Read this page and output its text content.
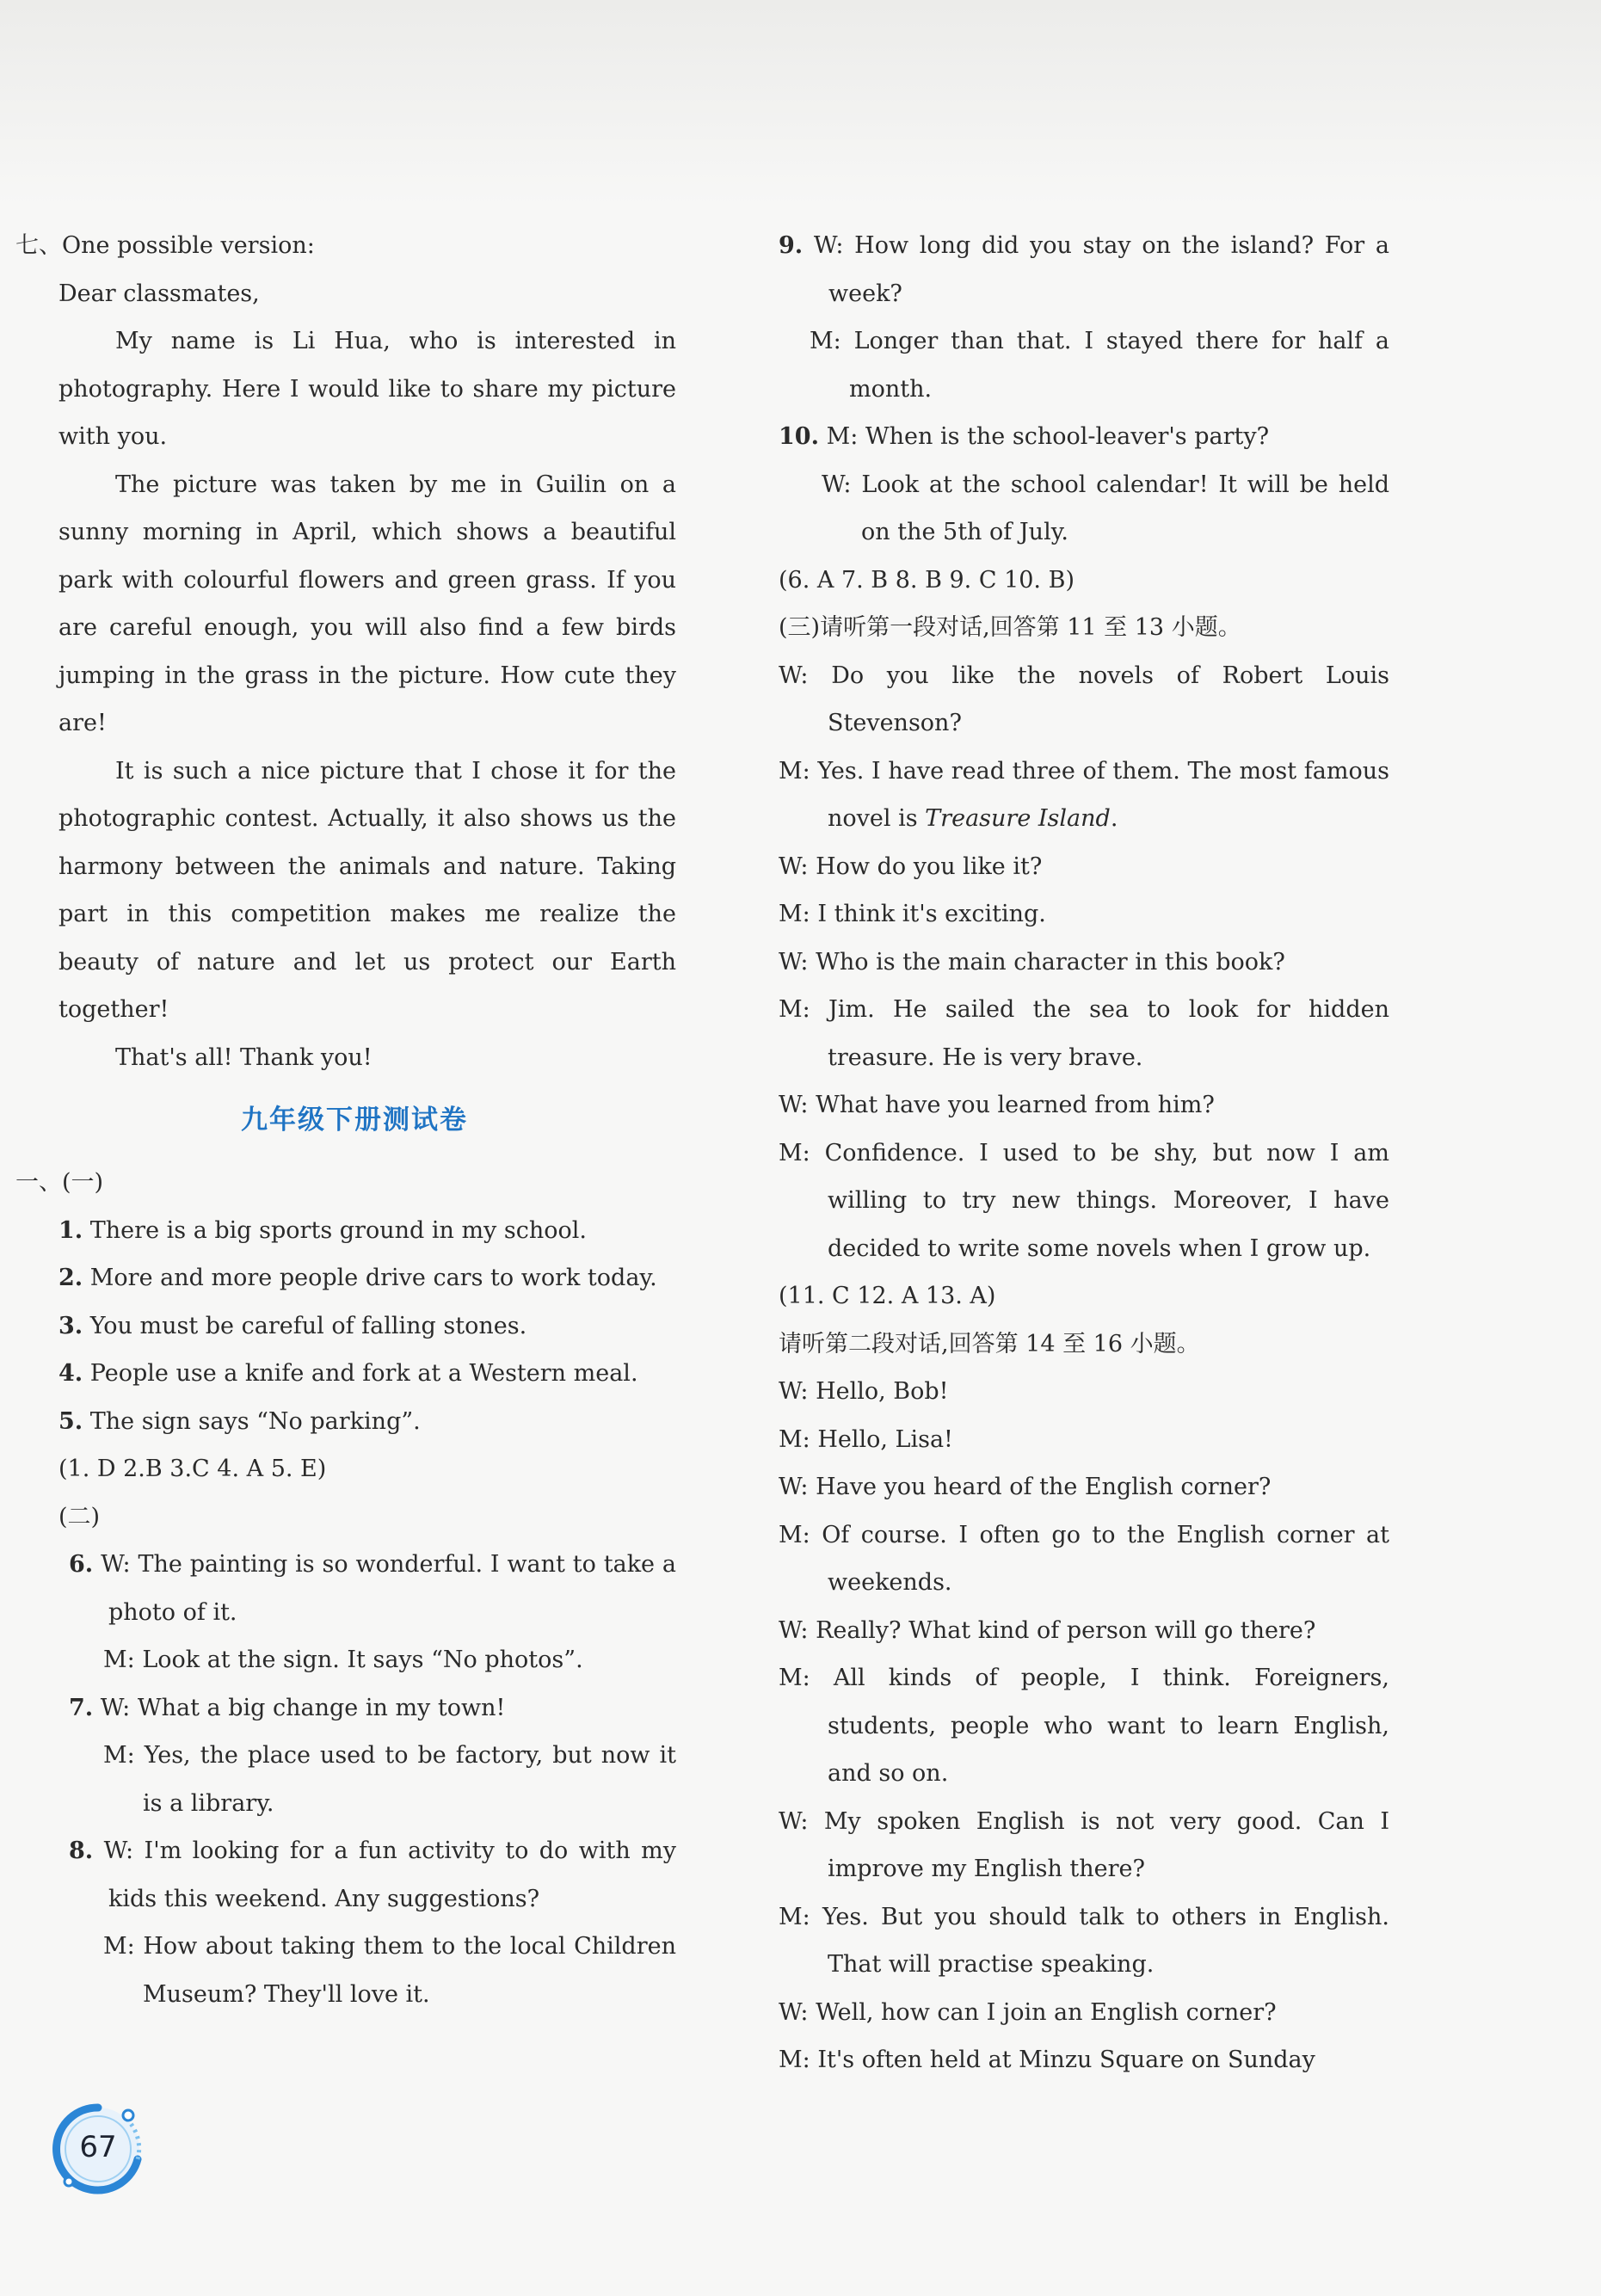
七、One possible version:

Dear classmates,

My name is Li Hua, who is interested in photography. Here I would like to share my picture with you.

The picture was taken by me in Guilin on a sunny morning in April, which shows a beautiful park with colourful flowers and green grass. If you are careful enough, you will also find a few birds jumping in the grass in the picture. How cute they are!

It is such a nice picture that I chose it for the photographic contest. Actually, it also shows us the harmony between the animals and nature. Taking part in this competition makes me realize the beauty of nature and let us protect our Earth together!

That's all! Thank you!

九年级下册测试卷

一、(一)

1. There is a big sports ground in my school.

2. More and more people drive cars to work today.

3. You must be careful of falling stones.

4. People use a knife and fork at a Western meal.

5. The sign says “No parking”.

(1. D 2.B 3.C 4. A 5. E)

(二)

6. W: The painting is so wonderful. I want to take a photo of it.

M: Look at the sign. It says “No photos”.

7. W: What a big change in my town!

M: Yes, the place used to be factory, but now it is a library.

8. W: I'm looking for a fun activity to do with my kids this weekend. Any suggestions?

M: How about taking them to the local Children Museum? They'll love it.

9. W: How long did you stay on the island? For a week?

M: Longer than that. I stayed there for half a month.

10. M: When is the school-leaver's party?

W: Look at the school calendar! It will be held on the 5th of July.

(6. A 7. B 8. B 9. C 10. B)

(三)请听第一段对话,回答第 11 至 13 小题。

W: Do you like the novels of Robert Louis Stevenson?

M: Yes. I have read three of them. The most famous novel is Treasure Island.

W: How do you like it?

M: I think it's exciting.

W: Who is the main character in this book?

M: Jim. He sailed the sea to look for hidden treasure. He is very brave.

W: What have you learned from him?

M: Confidence. I used to be shy, but now I am willing to try new things. Moreover, I have decided to write some novels when I grow up.

(11. C 12. A 13. A)

请听第二段对话,回答第 14 至 16 小题。

W: Hello, Bob!

M: Hello, Lisa!

W: Have you heard of the English corner?

M: Of course. I often go to the English corner at weekends.

W: Really? What kind of person will go there?

M: All kinds of people, I think. Foreigners, students, people who want to learn English, and so on.

W: My spoken English is not very good. Can I improve my English there?

M: Yes. But you should talk to others in English. That will practise speaking.

W: Well, how can I join an English corner?

M: It's often held at Minzu Square on Sunday

67
